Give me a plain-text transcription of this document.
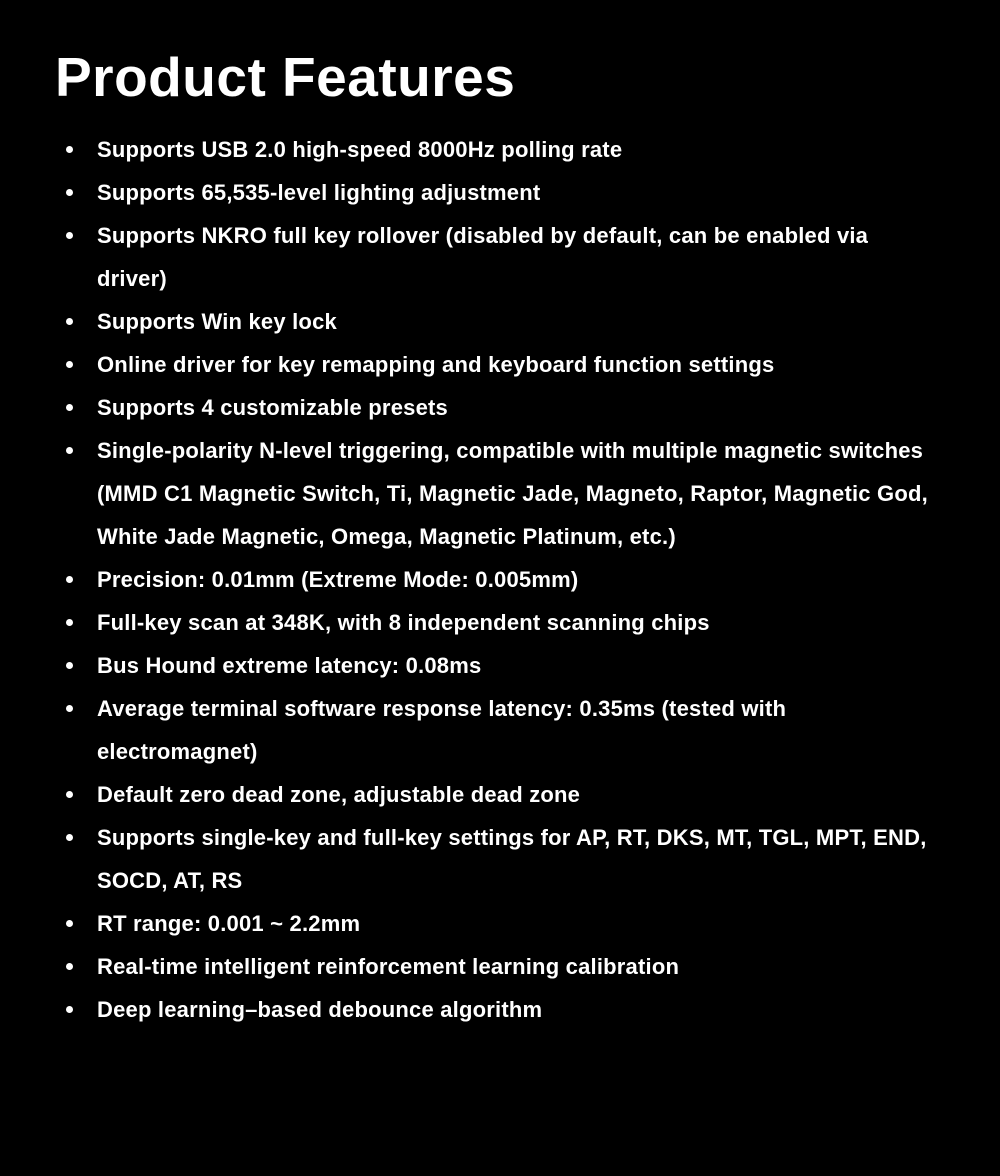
Product Features
Supports USB 2.0 high-speed 8000Hz polling rate
Supports 65,535-level lighting adjustment
Supports NKRO full key rollover (disabled by default, can be enabled via driver)
Supports Win key lock
Online driver for key remapping and keyboard function settings
Supports 4 customizable presets
Single-polarity N-level triggering, compatible with multiple magnetic switches (MMD C1 Magnetic Switch, Ti, Magnetic Jade, Magneto, Raptor, Magnetic God, White Jade Magnetic, Omega, Magnetic Platinum, etc.)
Precision: 0.01mm (Extreme Mode: 0.005mm)
Full-key scan at 348K, with 8 independent scanning chips
Bus Hound extreme latency: 0.08ms
Average terminal software response latency: 0.35ms (tested with electromagnet)
Default zero dead zone, adjustable dead zone
Supports single-key and full-key settings for AP, RT, DKS, MT, TGL, MPT, END, SOCD, AT, RS
RT range: 0.001 ~ 2.2mm
Real-time intelligent reinforcement learning calibration
Deep learning–based debounce algorithm
